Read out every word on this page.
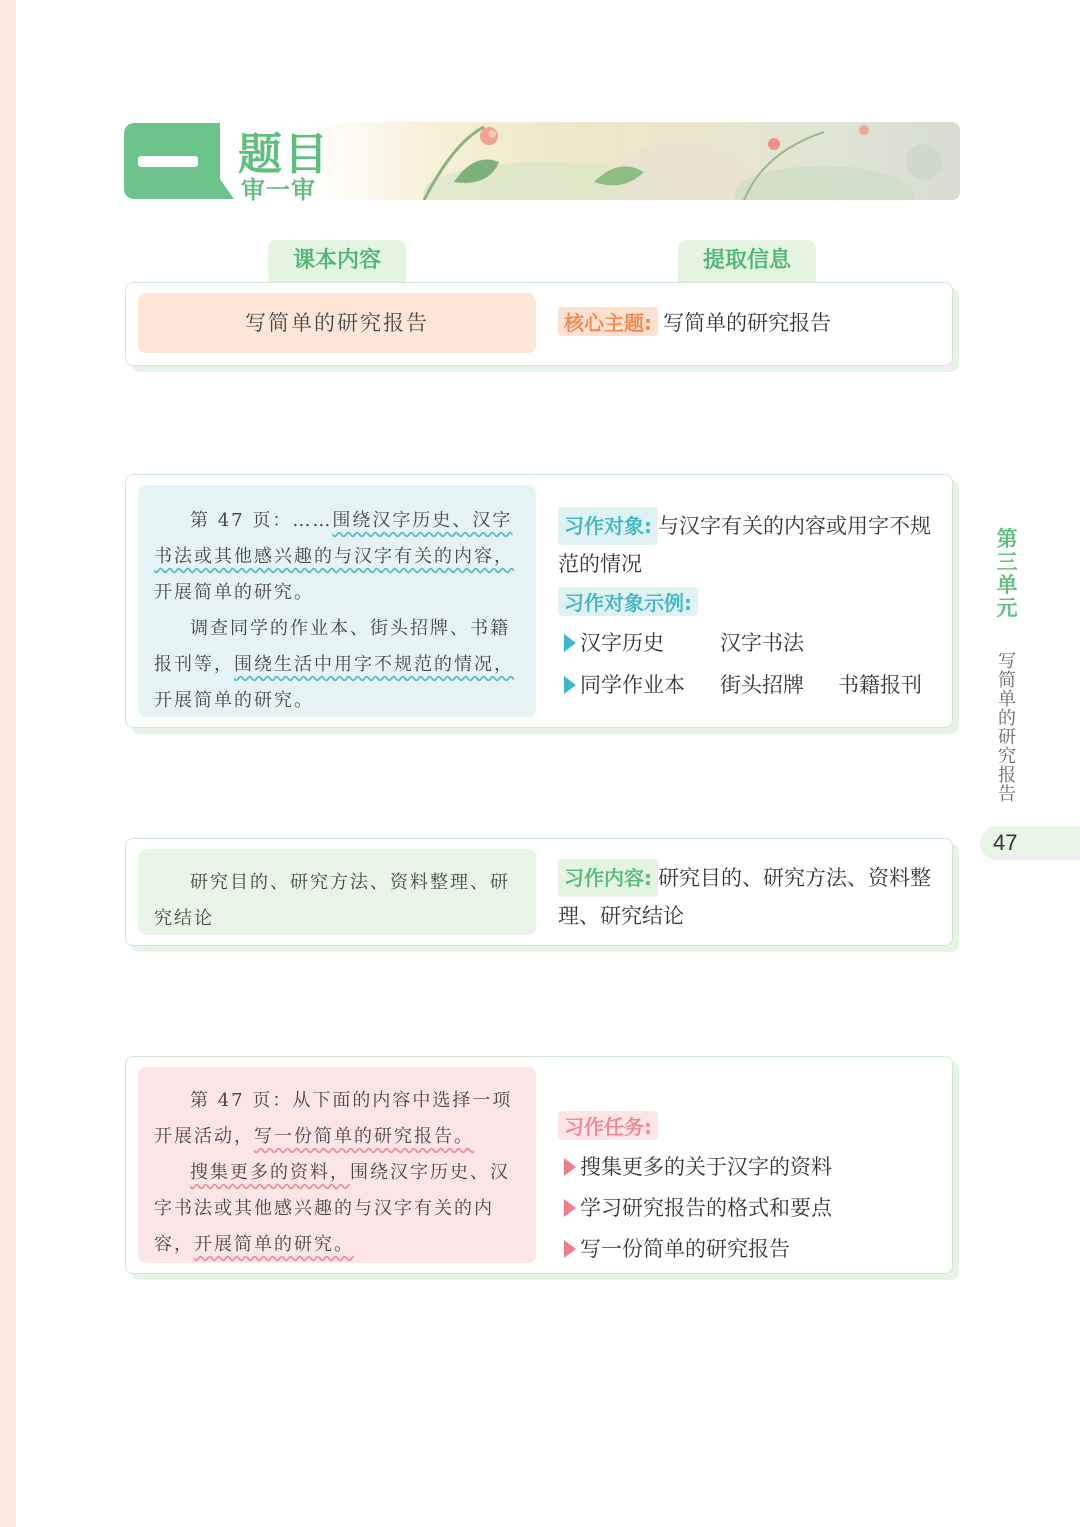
题目
审一审
课本内容	提取信息
写简单的研究报告	核心主题: 写简单的研究报告
第 47 页：……围绕汉字历史、汉字书法或其他感兴趣的与汉字有关的内容，开展简单的研究。
调查同学的作业本、街头招牌、书籍报刊等，围绕生活中用字不规范的情况，开展简单的研究。
习作对象: 与汉字有关的内容或用字不规范的情况
习作对象示例:
汉字历史	汉字书法
同学作业本 街头招牌 书籍报刊
研究目的、研究方法、资料整理、研究结论
习作内容: 研究目的、研究方法、资料整理、研究结论
第 47 页：从下面的内容中选择一项开展活动，写一份简单的研究报告。
搜集更多的资料，围绕汉字历史、汉字书法或其他感兴趣的与汉字有关的内容，开展简单的研究。
习作任务:
搜集更多的关于汉字的资料
学习研究报告的格式和要点
写一份简单的研究报告
第三单元
写简单的研究报告
47
